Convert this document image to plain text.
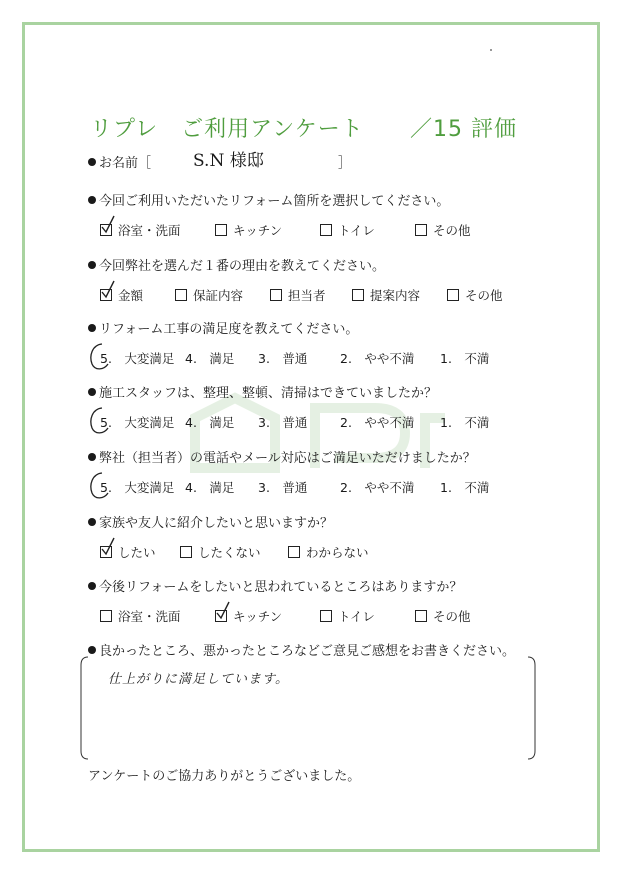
リプレ　ご利用アンケート ／15 評価
お名前［	］
S.N 様邸
今回ご利用いただいたリフォーム箇所を選択してください。
浴室・洗面	キッチン	トイレ	その他
今回弊社を選んだ１番の理由を教えてください。
金額	保証内容	担当者	提案内容	その他
リフォーム工事の満足度を教えてください。
5.　大変満足 4.　満足 3.　普通	2.　やや不満 1.　不満
施工スタッフは、整理、整頓、清掃はできていましたか？
5.　大変満足 4.　満足 3.　普通	2.　やや不満 1.　不満
弊社（担当者）の電話やメール対応はご満足いただけましたか？
5.　大変満足 4.　満足 3.　普通	2.　やや不満 1.　不満
家族や友人に紹介したいと思いますか？
したい	したくない	わからない
今後リフォームをしたいと思われているところはありますか？
浴室・洗面	キッチン	トイレ	その他
良かったところ、悪かったところなどご意見ご感想をお書きください。
仕上がりに満足しています。
アンケートのご協力ありがとうございました。
